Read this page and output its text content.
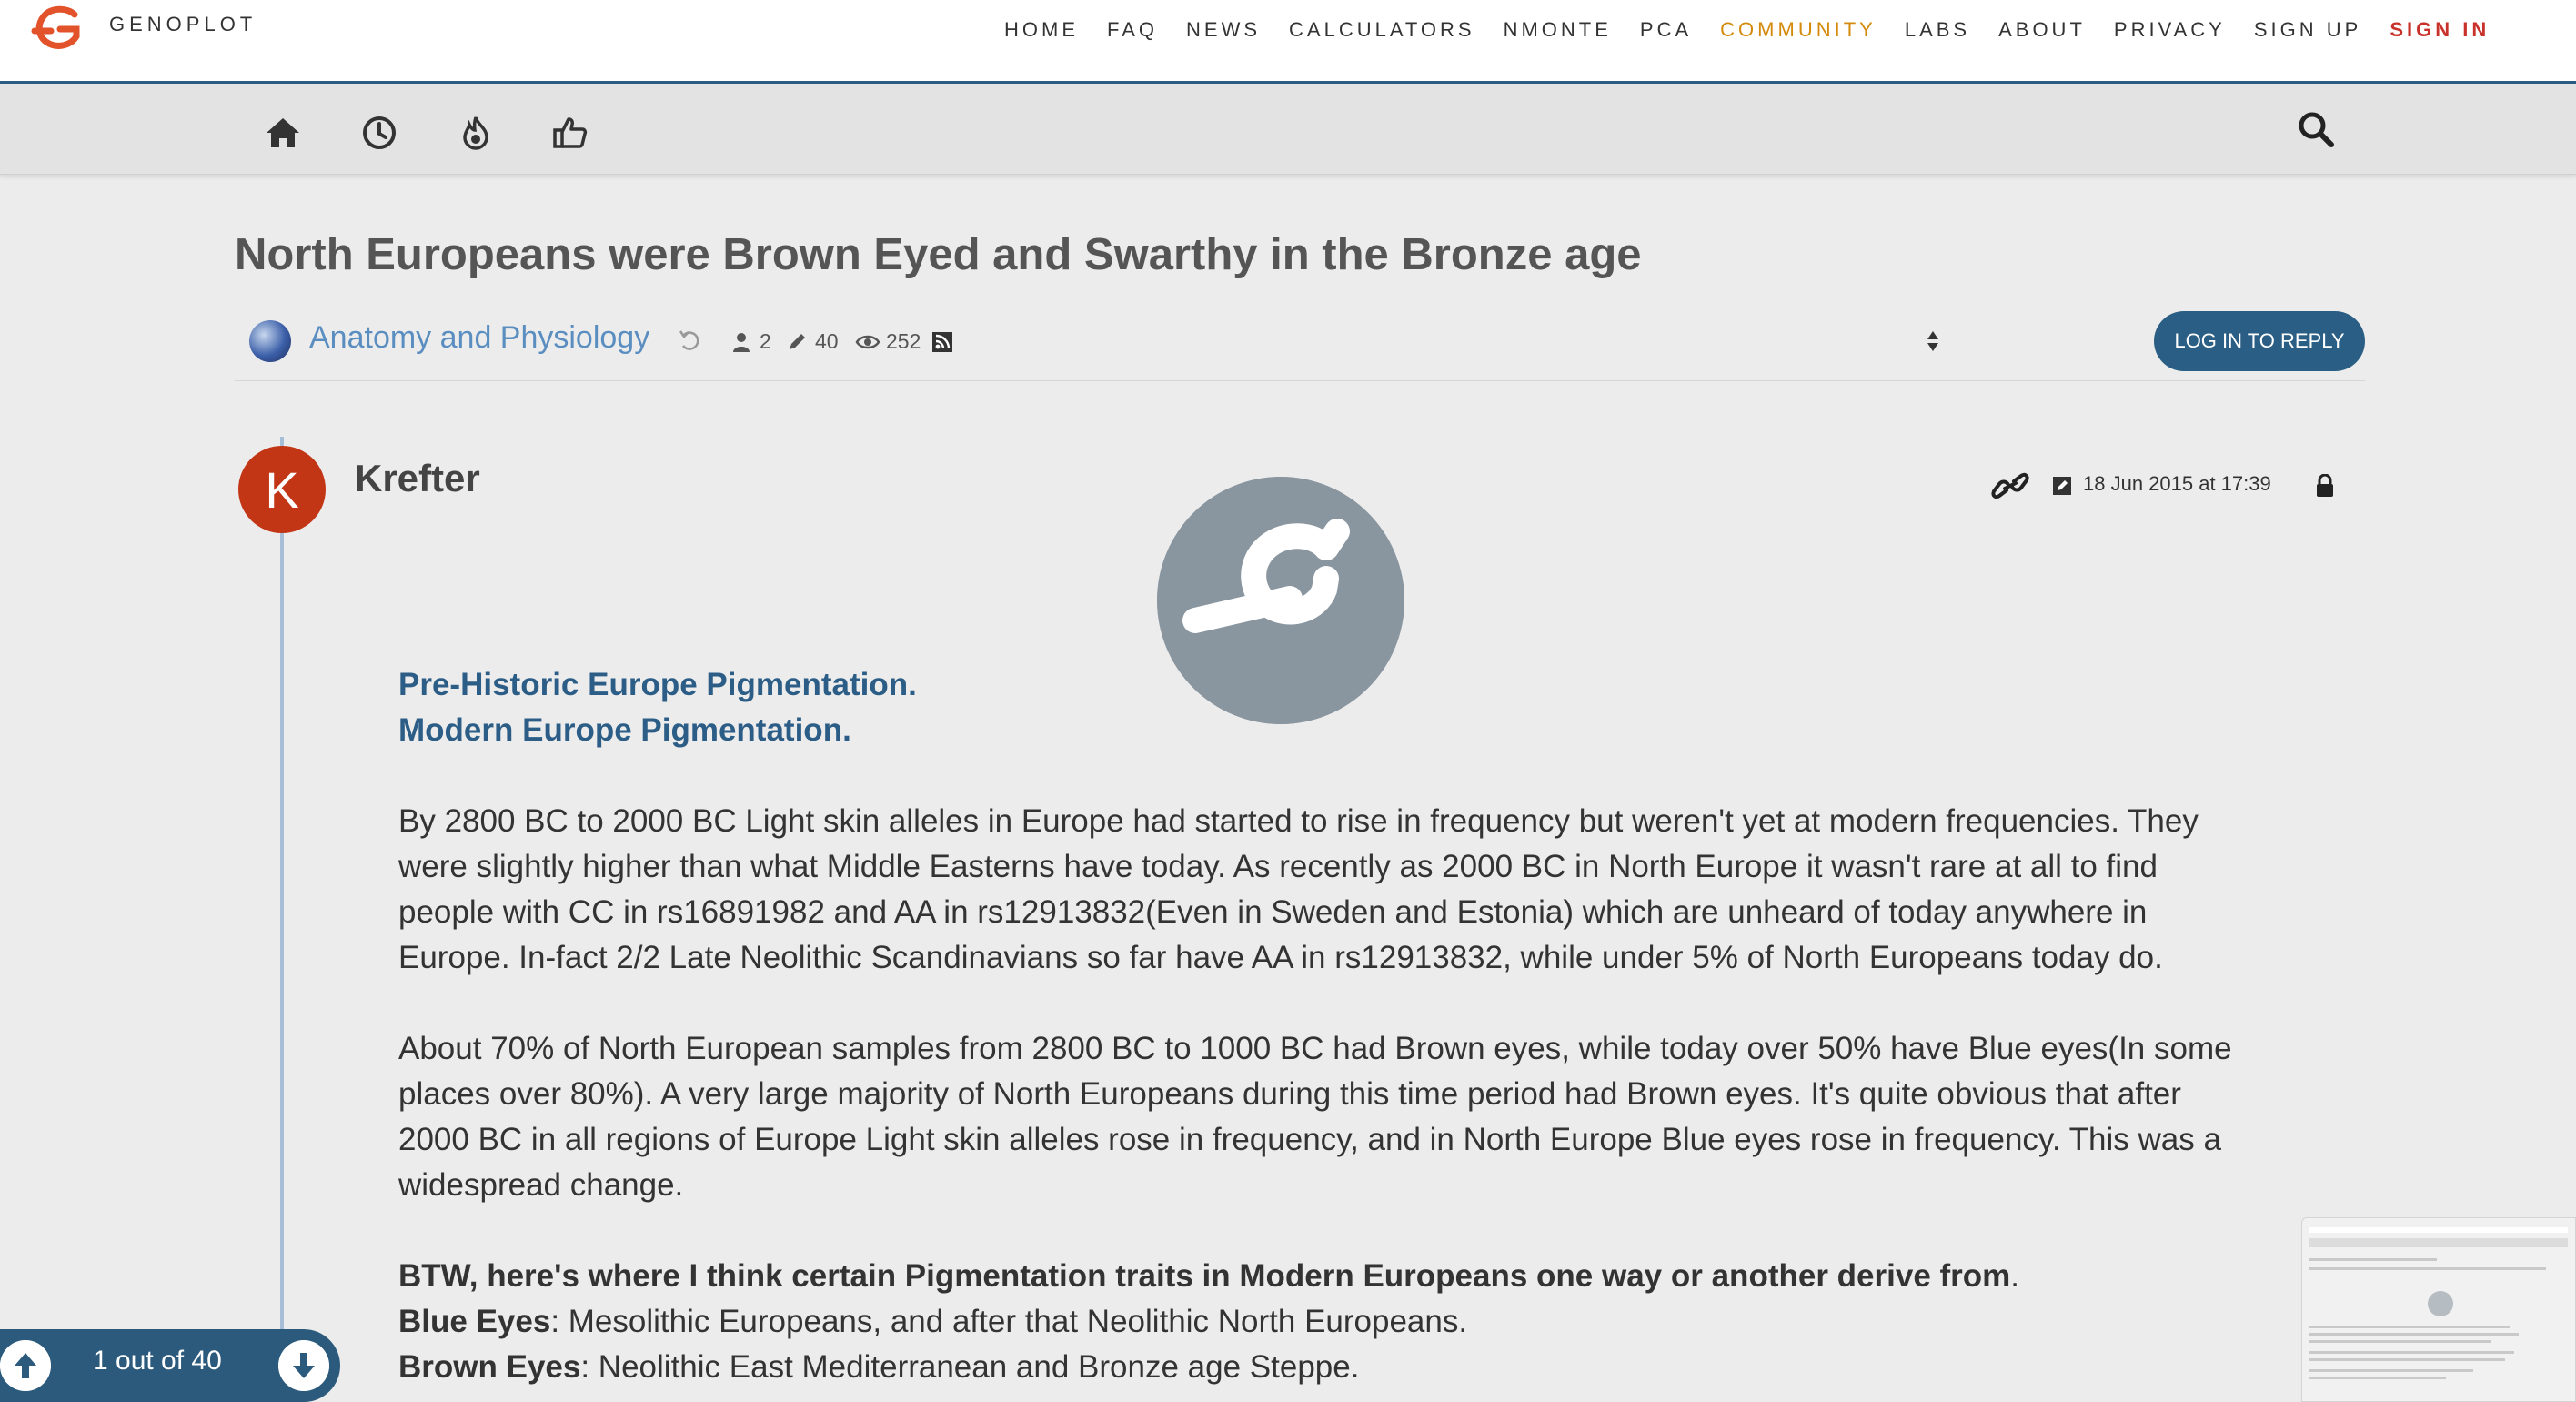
GENOPLOT	HOME FAQ NEWS CALCULATORS NMONTE PCA COMMUNITY LABS ABOUT PRIVACY SIGN UP SIGN IN
North Europeans were Brown Eyed and Swarthy in the Bronze age
Anatomy and Physiology	2 40 252	LOG IN TO REPLY
K	Krefter	18 Jun 2015 at 17:39
Pre-Historic Europe Pigmentation.
Modern Europe Pigmentation.

By 2800 BC to 2000 BC Light skin alleles in Europe had started to rise in frequency but weren't yet at modern frequencies. They were slightly higher than what Middle Easterns have today. As recently as 2000 BC in North Europe it wasn't rare at all to find people with CC in rs16891982 and AA in rs12913832(Even in Sweden and Estonia) which are unheard of today anywhere in Europe. In-fact 2/2 Late Neolithic Scandinavians so far have AA in rs12913832, while under 5% of North Europeans today do.

About 70% of North European samples from 2800 BC to 1000 BC had Brown eyes, while today over 50% have Blue eyes(In some places over 80%). A very large majority of North Europeans during this time period had Brown eyes. It's quite obvious that after 2000 BC in all regions of Europe Light skin alleles rose in frequency, and in North Europe Blue eyes rose in frequency. This was a widespread change.

BTW, here's where I think certain Pigmentation traits in Modern Europeans one way or another derive from.
Blue Eyes: Mesolithic Europeans, and after that Neolithic North Europeans.
Brown Eyes: Neolithic East Mediterranean and Bronze age Steppe.
1 out of 40
